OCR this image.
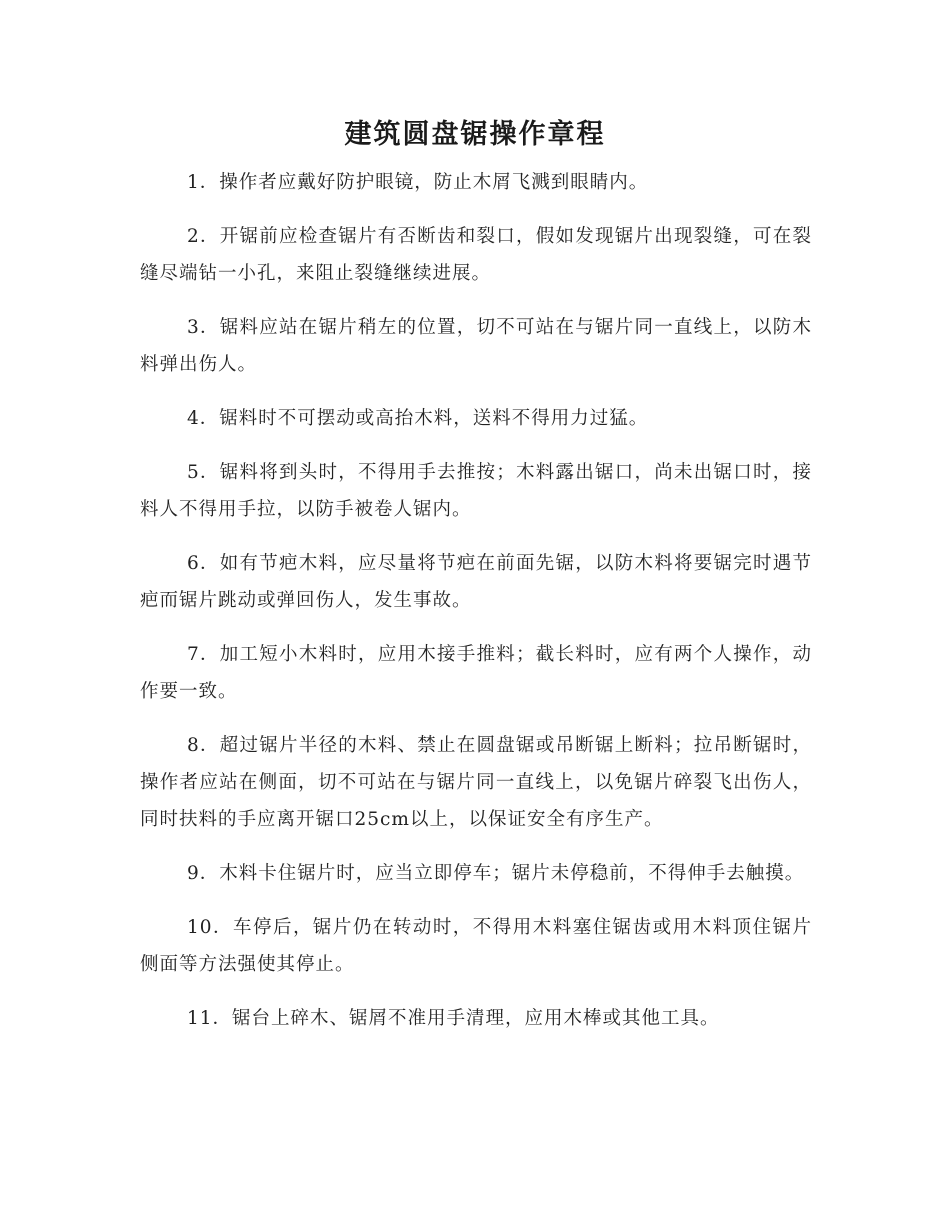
建筑圆盘锯操作章程

1．操作者应戴好防护眼镜，防止木屑飞溅到眼睛内。

2．开锯前应检查锯片有否断齿和裂口，假如发现锯片出现裂缝，可在裂缝尽端钻一小孔，来阻止裂缝继续进展。

3．锯料应站在锯片稍左的位置，切不可站在与锯片同一直线上，以防木料弹出伤人。

4．锯料时不可摆动或高抬木料，送料不得用力过猛。

5．锯料将到头时，不得用手去推按；木料露出锯口，尚未出锯口时，接料人不得用手拉，以防手被卷人锯内。

6．如有节疤木料，应尽量将节疤在前面先锯，以防木料将要锯完时遇节疤而锯片跳动或弹回伤人，发生事故。

7．加工短小木料时，应用木接手推料；截长料时，应有两个人操作，动作要一致。

8．超过锯片半径的木料、禁止在圆盘锯或吊断锯上断料；拉吊断锯时，操作者应站在侧面，切不可站在与锯片同一直线上，以免锯片碎裂飞出伤人，同时扶料的手应离开锯口25cm以上，以保证安全有序生产。

9．木料卡住锯片时，应当立即停车；锯片未停稳前，不得伸手去触摸。

10．车停后，锯片仍在转动时，不得用木料塞住锯齿或用木料顶住锯片侧面等方法强使其停止。

11．锯台上碎木、锯屑不准用手清理，应用木棒或其他工具。
